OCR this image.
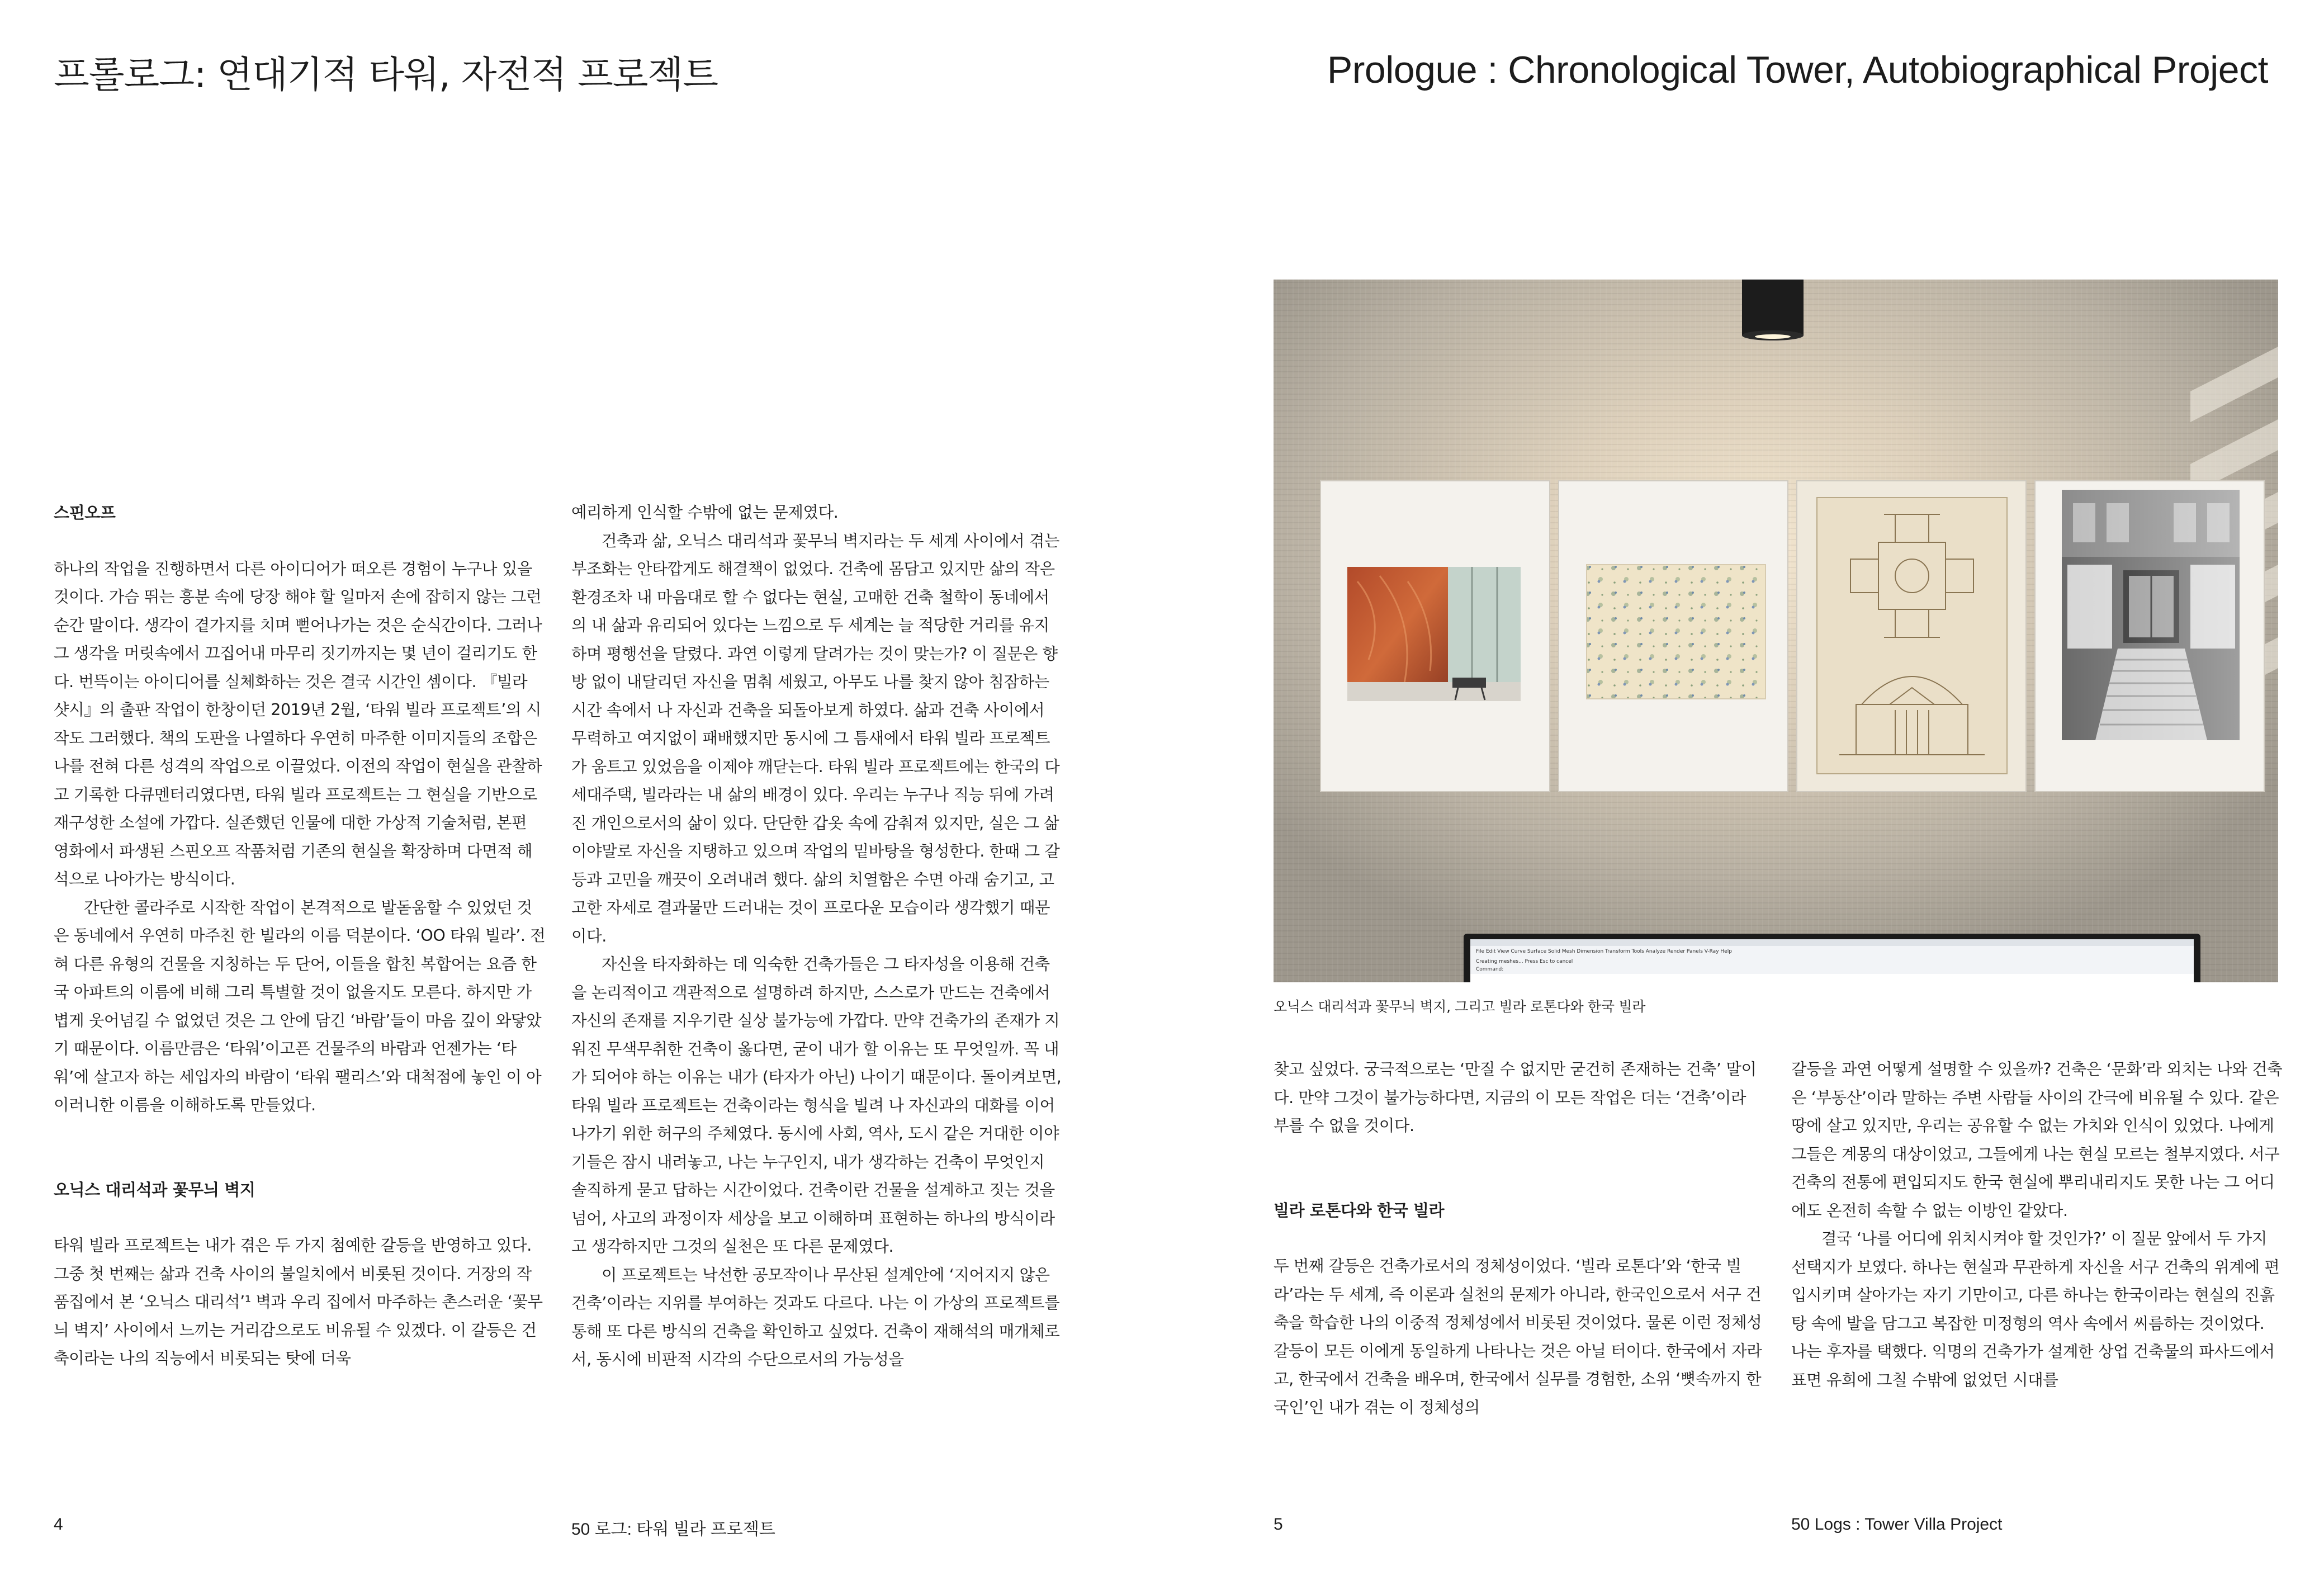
프롤로그: 연대기적 타워, 자전적 프로젝트
스핀오프

하나의 작업을 진행하면서 다른 아이디어가 떠오른 경험이 누구나 있을 것이다. 가슴 뛰는 흥분 속에 당장 해야 할 일마저 손에 잡히지 않는 그런 순간 말이다. 생각이 곁가지를 치며 뻗어나가는 것은 순식간이다. 그러나 그 생각을 머릿속에서 끄집어내 마무리 짓기까지는 몇 년이 걸리기도 한다. 번뜩이는 아이디어를 실체화하는 것은 결국 시간인 셈이다. 『빌라 샷시』의 출판 작업이 한창이던 2019년 2월, ‘타워 빌라 프로젝트’의 시작도 그러했다. 책의 도판을 나열하다 우연히 마주한 이미지들의 조합은 나를 전혀 다른 성격의 작업으로 이끌었다. 이전의 작업이 현실을 관찰하고 기록한 다큐멘터리였다면, 타워 빌라 프로젝트는 그 현실을 기반으로 재구성한 소설에 가깝다. 실존했던 인물에 대한 가상적 기술처럼, 본편 영화에서 파생된 스핀오프 작품처럼 기존의 현실을 확장하며 다면적 해석으로 나아가는 방식이다.

간단한 콜라주로 시작한 작업이 본격적으로 발돋움할 수 있었던 것은 동네에서 우연히 마주친 한 빌라의 이름 덕분이다. ‘OO 타워 빌라’. 전혀 다른 유형의 건물을 지칭하는 두 단어, 이들을 합친 복합어는 요즘 한국 아파트의 이름에 비해 그리 특별할 것이 없을지도 모른다. 하지만 가볍게 웃어넘길 수 없었던 것은 그 안에 담긴 ‘바람’들이 마음 깊이 와닿았기 때문이다. 이름만큼은 ‘타워’이고픈 건물주의 바람과 언젠가는 ‘타워’에 살고자 하는 세입자의 바람이 ‘타워 팰리스’와 대척점에 놓인 이 아이러니한 이름을 이해하도록 만들었다.

오닉스 대리석과 꽃무늬 벽지

타워 빌라 프로젝트는 내가 겪은 두 가지 첨예한 갈등을 반영하고 있다. 그중 첫 번째는 삶과 건축 사이의 불일치에서 비롯된 것이다. 거장의 작품집에서 본 ‘오닉스 대리석’¹ 벽과 우리 집에서 마주하는 촌스러운 ‘꽃무늬 벽지’ 사이에서 느끼는 거리감으로도 비유될 수 있겠다. 이 갈등은 건축이라는 나의 직능에서 비롯되는 탓에 더욱

예리하게 인식할 수밖에 없는 문제였다.

건축과 삶, 오닉스 대리석과 꽃무늬 벽지라는 두 세계 사이에서 겪는 부조화는 안타깝게도 해결책이 없었다. 건축에 몸담고 있지만 삶의 작은 환경조차 내 마음대로 할 수 없다는 현실, 고매한 건축 철학이 동네에서의 내 삶과 유리되어 있다는 느낌으로 두 세계는 늘 적당한 거리를 유지하며 평행선을 달렸다. 과연 이렇게 달려가는 것이 맞는가? 이 질문은 향방 없이 내달리던 자신을 멈춰 세웠고, 아무도 나를 찾지 않아 침잠하는 시간 속에서 나 자신과 건축을 되돌아보게 하였다. 삶과 건축 사이에서 무력하고 여지없이 패배했지만 동시에 그 틈새에서 타워 빌라 프로젝트가 움트고 있었음을 이제야 깨닫는다. 타워 빌라 프로젝트에는 한국의 다세대주택, 빌라라는 내 삶의 배경이 있다. 우리는 누구나 직능 뒤에 가려진 개인으로서의 삶이 있다. 단단한 갑옷 속에 감춰져 있지만, 실은 그 삶이야말로 자신을 지탱하고 있으며 작업의 밑바탕을 형성한다. 한때 그 갈등과 고민을 깨끗이 오려내려 했다. 삶의 치열함은 수면 아래 숨기고, 고고한 자세로 결과물만 드러내는 것이 프로다운 모습이라 생각했기 때문이다.

자신을 타자화하는 데 익숙한 건축가들은 그 타자성을 이용해 건축을 논리적이고 객관적으로 설명하려 하지만, 스스로가 만드는 건축에서 자신의 존재를 지우기란 실상 불가능에 가깝다. 만약 건축가의 존재가 지워진 무색무취한 건축이 옳다면, 굳이 내가 할 이유는 또 무엇일까. 꼭 내가 되어야 하는 이유는 내가 (타자가 아닌) 나이기 때문이다. 돌이켜보면, 타워 빌라 프로젝트는 건축이라는 형식을 빌려 나 자신과의 대화를 이어 나가기 위한 허구의 주체였다. 동시에 사회, 역사, 도시 같은 거대한 이야기들은 잠시 내려놓고, 나는 누구인지, 내가 생각하는 건축이 무엇인지 솔직하게 묻고 답하는 시간이었다. 건축이란 건물을 설계하고 짓는 것을 넘어, 사고의 과정이자 세상을 보고 이해하며 표현하는 하나의 방식이라고 생각하지만 그것의 실천은 또 다른 문제였다.

이 프로젝트는 낙선한 공모작이나 무산된 설계안에 ‘지어지지 않은 건축’이라는 지위를 부여하는 것과도 다르다. 나는 이 가상의 프로젝트를 통해 또 다른 방식의 건축을 확인하고 싶었다. 건축이 재해석의 매개체로서, 동시에 비판적 시각의 수단으로서의 가능성을

4	50 로그: 타워 빌라 프로젝트
Prologue : Chronological Tower, Autobiographical Project
5	50 Logs : Tower Villa Project
File Edit View Curve Surface Solid Mesh Dimension Transform Tools Analyze Render Panels V-Ray Help
Creating meshes... Press Esc to cancel
Command:
오닉스 대리석과 꽃무늬 벽지, 그리고 빌라 로톤다와 한국 빌라

찾고 싶었다. 궁극적으로는 ‘만질 수 없지만 굳건히 존재하는 건축’ 말이다. 만약 그것이 불가능하다면, 지금의 이 모든 작업은 더는 ‘건축’이라 부를 수 없을 것이다.

빌라 로톤다와 한국 빌라

두 번째 갈등은 건축가로서의 정체성이었다. ‘빌라 로톤다’와 ‘한국 빌라’라는 두 세계, 즉 이론과 실천의 문제가 아니라, 한국인으로서 서구 건축을 학습한 나의 이중적 정체성에서 비롯된 것이었다. 물론 이런 정체성 갈등이 모든 이에게 동일하게 나타나는 것은 아닐 터이다. 한국에서 자라고, 한국에서 건축을 배우며, 한국에서 실무를 경험한, 소위 ‘뼛속까지 한국인’인 내가 겪는 이 정체성의

갈등을 과연 어떻게 설명할 수 있을까? 건축은 ‘문화’라 외치는 나와 건축은 ‘부동산’이라 말하는 주변 사람들 사이의 간극에 비유될 수 있다. 같은 땅에 살고 있지만, 우리는 공유할 수 없는 가치와 인식이 있었다. 나에게 그들은 계몽의 대상이었고, 그들에게 나는 현실 모르는 철부지였다. 서구 건축의 전통에 편입되지도 한국 현실에 뿌리내리지도 못한 나는 그 어디에도 온전히 속할 수 없는 이방인 같았다.

결국 ‘나를 어디에 위치시켜야 할 것인가?’ 이 질문 앞에서 두 가지 선택지가 보였다. 하나는 현실과 무관하게 자신을 서구 건축의 위계에 편입시키며 살아가는 자기 기만이고, 다른 하나는 한국이라는 현실의 진흙탕 속에 발을 담그고 복잡한 미정형의 역사 속에서 씨름하는 것이었다. 나는 후자를 택했다. 익명의 건축가가 설계한 상업 건축물의 파사드에서 표면 유희에 그칠 수밖에 없었던 시대를
